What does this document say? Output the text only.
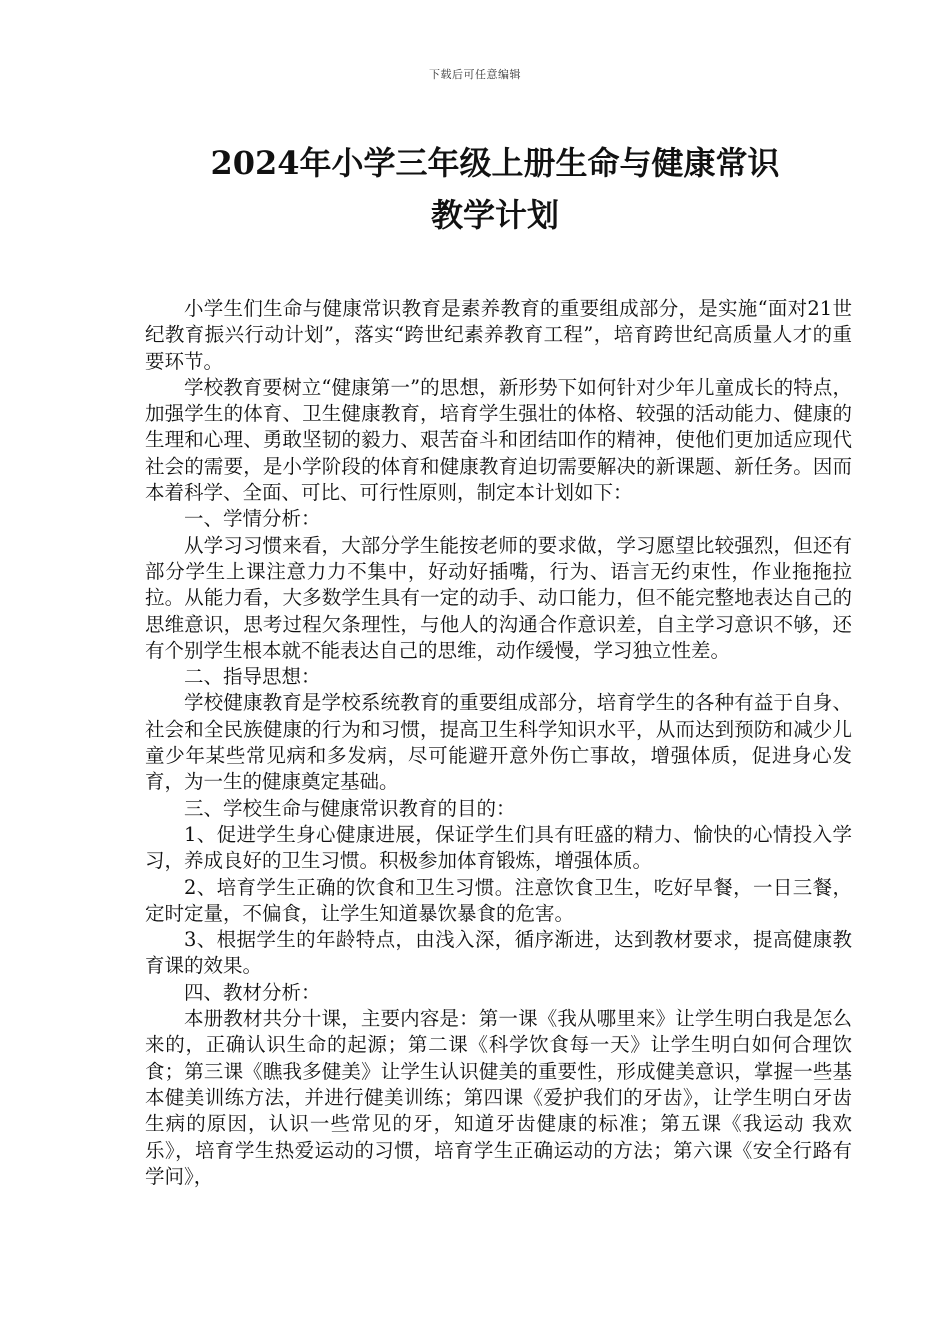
下载后可任意编辑
2024年小学三年级上册生命与健康常识
教学计划

小学生们生命与健康常识教育是素养教育的重要组成部分，是实施“面对21世纪教育振兴行动计划”，落实“跨世纪素养教育工程”，培育跨世纪高质量人才的重要环节。

学校教育要树立“健康第一”的思想，新形势下如何针对少年儿童成长的特点，加强学生的体育、卫生健康教育，培育学生强壮的体格、较强的活动能力、健康的生理和心理、勇敢坚韧的毅力、艰苦奋斗和团结吅作的精神，使他们更加适应现代社会的需要，是小学阶段的体育和健康教育迫切需要解决的新课题、新任务。因而本着科学、全面、可比、可行性原则，制定本计划如下：

一、学情分析：

从学习习惯来看，大部分学生能按老师的要求做，学习愿望比较强烈，但还有部分学生上课注意力力不集中，好动好插嘴，行为、语言无约束性，作业拖拖拉拉。从能力看，大多数学生具有一定的动手、动口能力，但不能完整地表达自己的思维意识，思考过程欠条理性，与他人的沟通合作意识差，自主学习意识不够，还有个别学生根本就不能表达自己的思维，动作缓慢，学习独立性差。

二、指导思想：

学校健康教育是学校系统教育的重要组成部分，培育学生的各种有益于自身、社会和全民族健康的行为和习惯，提高卫生科学知识水平，从而达到预防和减少儿童少年某些常见病和多发病，尽可能避开意外伤亡事故，增强体质，促进身心发育，为一生的健康奠定基础。

三、学校生命与健康常识教育的目的：

1、促进学生身心健康进展，保证学生们具有旺盛的精力、愉快的心情投入学习，养成良好的卫生习惯。积极参加体育锻炼，增强体质。

2、培育学生正确的饮食和卫生习惯。注意饮食卫生，吃好早餐，一日三餐，定时定量，不偏食，让学生知道暴饮暴食的危害。

3、根据学生的年龄特点，由浅入深，循序渐进，达到教材要求，提高健康教育课的效果。

四、教材分析：

本册教材共分十课，主要内容是：第一课《我从哪里来》让学生明白我是怎么来的，正确认识生命的起源；第二课《科学饮食每一天》让学生明白如何合理饮食；第三课《瞧我多健美》让学生认识健美的重要性，形成健美意识，掌握一些基本健美训练方法，并进行健美训练；第四课《爱护我们的牙齿》，让学生明白牙齿生病的原因，认识一些常见的牙，知道牙齿健康的标准；第五课《我运动 我欢乐》，培育学生热爱运动的习惯，培育学生正确运动的方法；第六课《安全行路有学问》，
